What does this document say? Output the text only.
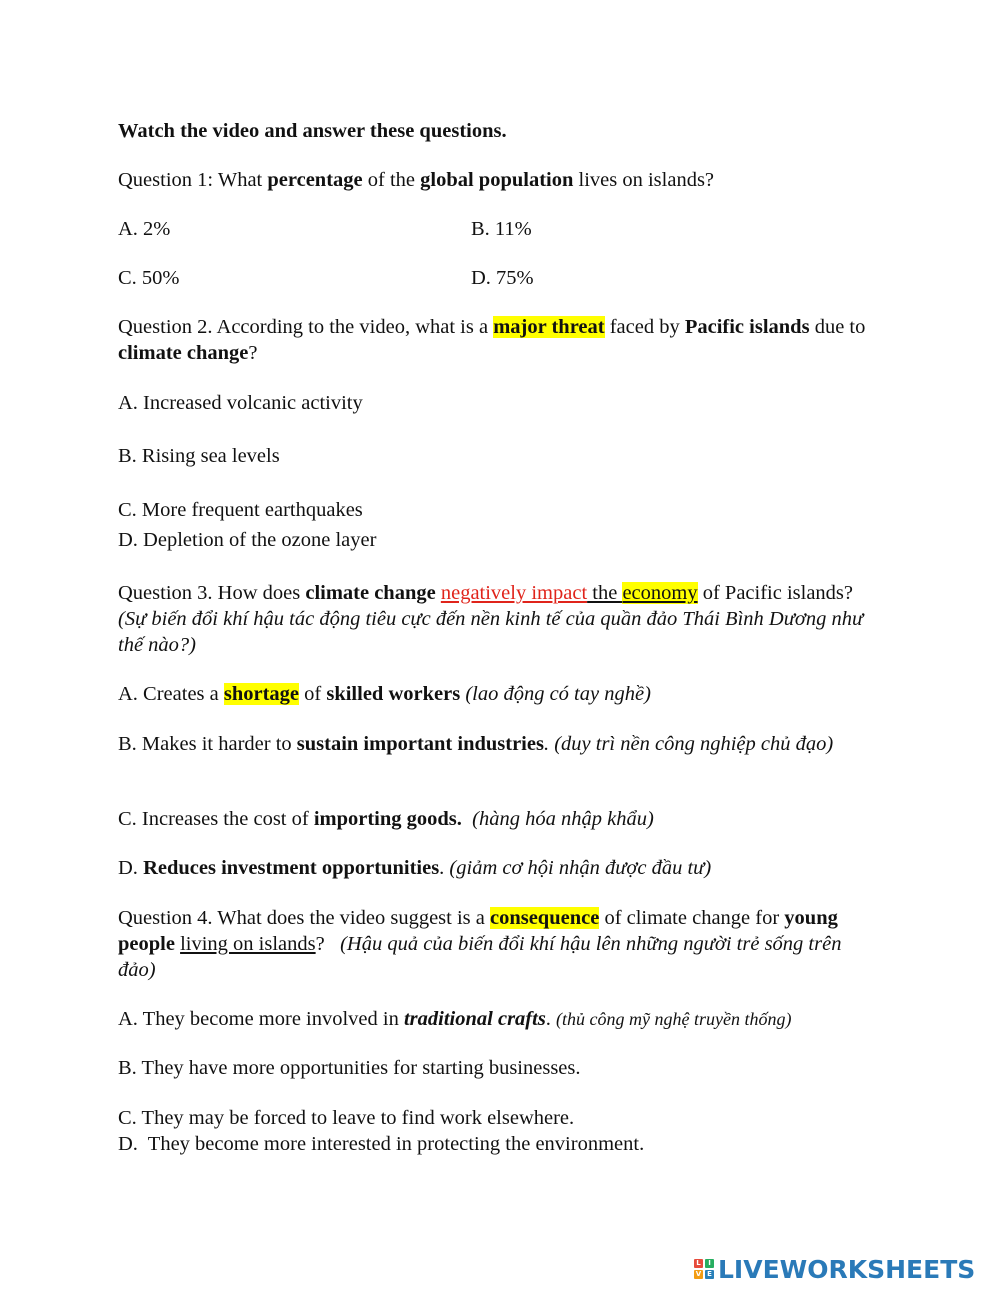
Watch the video and answer these questions.
Question 1: What percentage of the global population lives on islands?
A. 2%	B. 11%
C. 50%	D. 75%
Question 2. According to the video, what is a major threat faced by Pacific islands due to climate change?
A. Increased volcanic activity
B. Rising sea levels
C. More frequent earthquakes
D. Depletion of the ozone layer
Question 3. How does climate change negatively impact the economy of Pacific islands? (Sự biến đổi khí hậu tác động tiêu cực đến nền kinh tế của quần đảo Thái Bình Dương như thế nào?)
A. Creates a shortage of skilled workers (lao động có tay nghề)
B. Makes it harder to sustain important industries. (duy trì nền công nghiệp chủ đạo)
C. Increases the cost of importing goods.  (hàng hóa nhập khẩu)
D. Reduces investment opportunities. (giảm cơ hội nhận được đầu tư)
Question 4. What does the video suggest is a consequence of climate change for young people living on islands?   (Hậu quả của biến đổi khí hậu lên những người trẻ sống trên đảo)
A. They become more involved in traditional crafts. (thủ công mỹ nghệ truyền thống)
B. They have more opportunities for starting businesses.
C. They may be forced to leave to find work elsewhere.
D.  They become more interested in protecting the environment.
L	I
V E LIVEWORKSHEETS
